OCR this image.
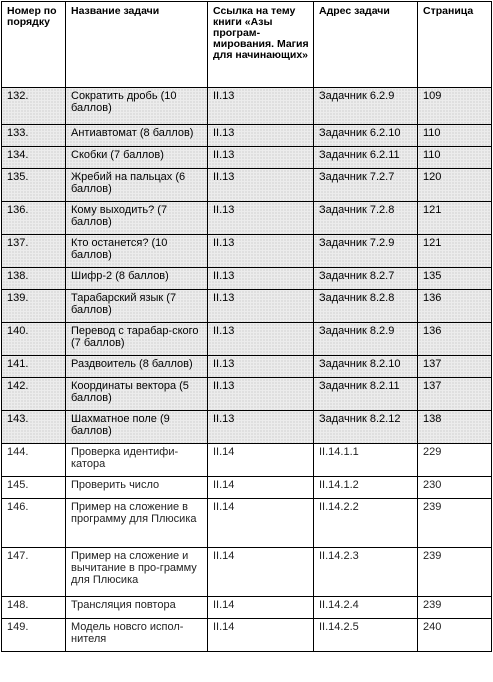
Номер по порядку	Название задачи	Ссылка на тему книги «Азы програм-мирования. Магия для начинающих»	Адрес задачи	Страница
132.	Сократить дробь (10 баллов)	II.13	Задачник 6.2.9	109
133.	Антиавтомат (8 баллов)	II.13	Задачник 6.2.10	110
134.	Скобки (7 баллов)	II.13	Задачник 6.2.11	110
135.	Жребий на пальцах (6 баллов)	II.13	Задачник 7.2.7	120
136.	Кому выходить? (7 баллов)	II.13	Задачник 7.2.8	121
137.	Кто останется? (10 баллов)	II.13	Задачник 7.2.9	121
138.	Шифр-2 (8 баллов)	II.13	Задачник 8.2.7	135
139.	Тарабарский язык (7 баллов)	II.13	Задачник 8.2.8	136
140.	Перевод с тарабар-ского (7 баллов)	II.13	Задачник 8.2.9	136
141.	Раздвоитель (8 баллов)	II.13	Задачник 8.2.10	137
142.	Координаты вектора (5 баллов)	II.13	Задачник 8.2.11	137
143.	Шахматное поле (9 баллов)	II.13	Задачник 8.2.12	138
144.	Проверка идентифи-катора	II.14	II.14.1.1	229
145.	Проверить число	II.14	II.14.1.2	230
146.	Пример на сложение в программу для Плюсика	II.14	II.14.2.2	239
147.	Пример на сложение и вычитание в про-грамму для Плюсика	II.14	II.14.2.3	239
148.	Трансляция повтора	II.14	II.14.2.4	239
149.	Модель новсго испол-нителя	II.14	II.14.2.5	240
